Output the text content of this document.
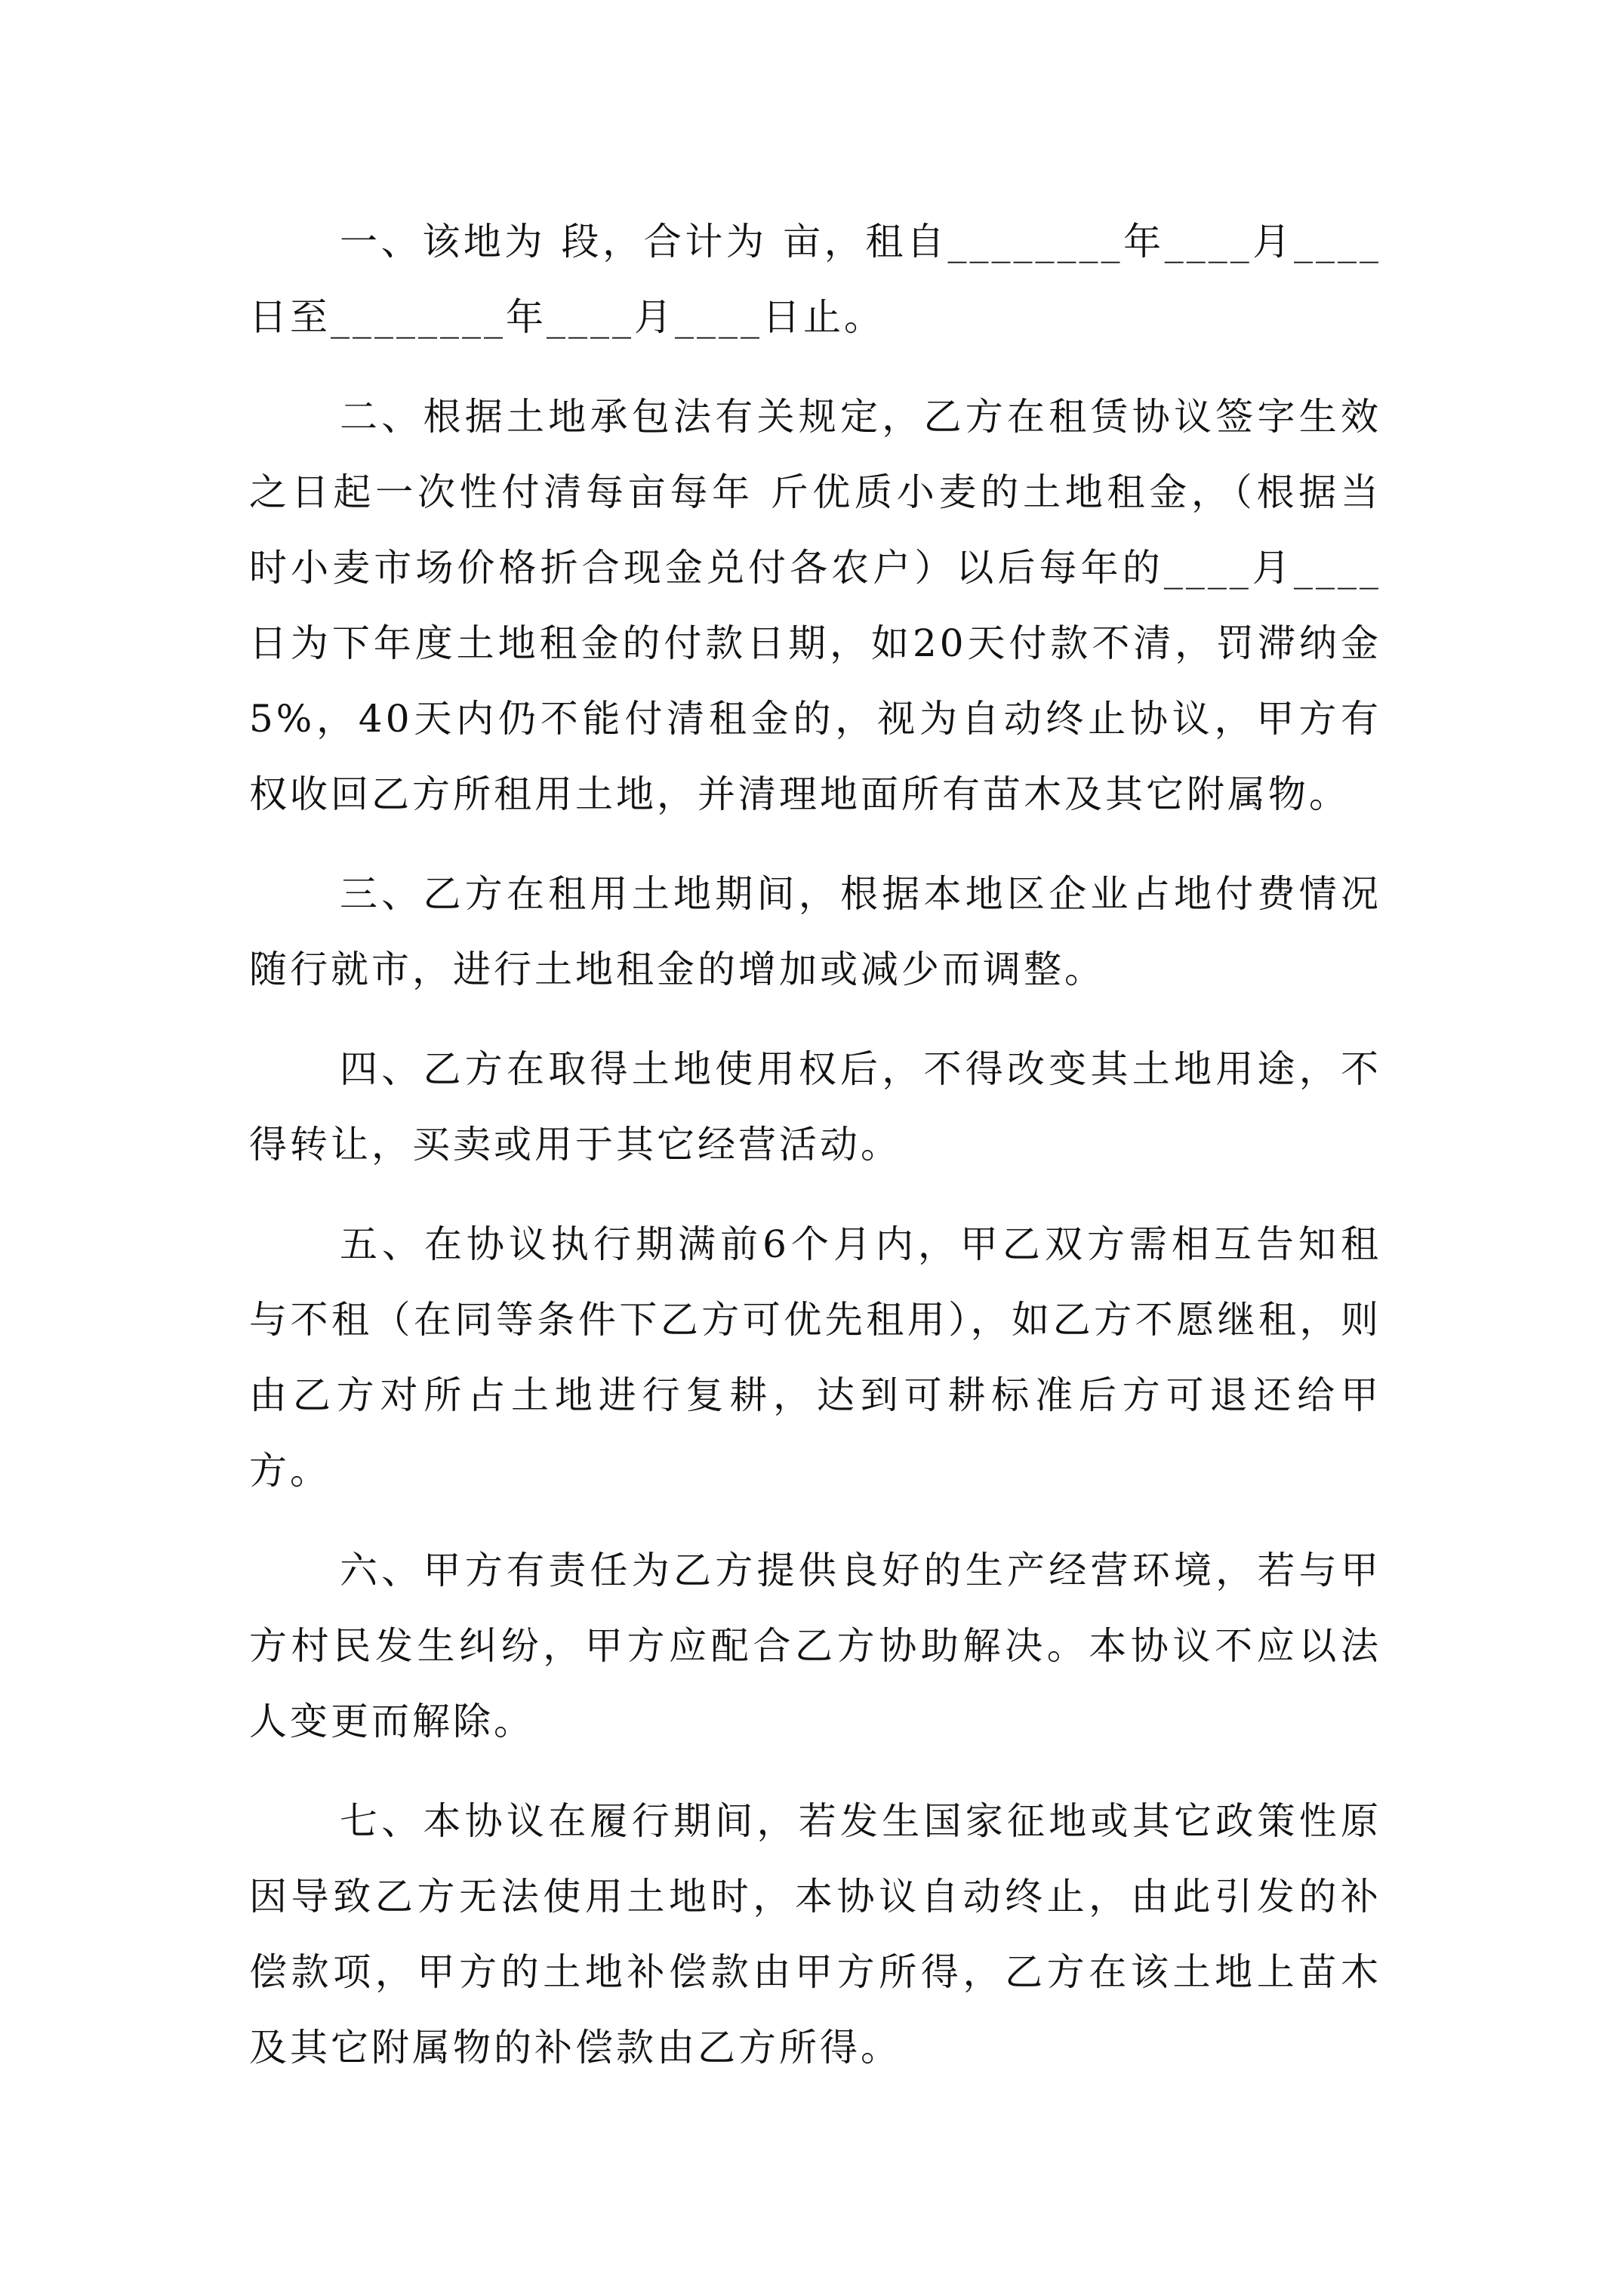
一、该地为 段，合计为 亩，租自________年____月____日至________年____月____日止。

二、根据土地承包法有关规定，乙方在租赁协议签字生效之日起一次性付清每亩每年 斤优质小麦的土地租金，（根据当时小麦市场价格折合现金兑付各农户）以后每年的____月____日为下年度土地租金的付款日期，如20天付款不清，罚滞纳金5%，40天内仍不能付清租金的，视为自动终止协议，甲方有权收回乙方所租用土地，并清理地面所有苗木及其它附属物。

三、乙方在租用土地期间，根据本地区企业占地付费情况随行就市，进行土地租金的增加或减少而调整。

四、乙方在取得土地使用权后，不得改变其土地用途，不得转让，买卖或用于其它经营活动。

五、在协议执行期满前6个月内，甲乙双方需相互告知租与不租（在同等条件下乙方可优先租用），如乙方不愿继租，则由乙方对所占土地进行复耕，达到可耕标准后方可退还给甲方。

六、甲方有责任为乙方提供良好的生产经营环境，若与甲方村民发生纠纷，甲方应配合乙方协助解决。本协议不应以法人变更而解除。

七、本协议在履行期间，若发生国家征地或其它政策性原因导致乙方无法使用土地时，本协议自动终止，由此引发的补偿款项，甲方的土地补偿款由甲方所得，乙方在该土地上苗木及其它附属物的补偿款由乙方所得。
